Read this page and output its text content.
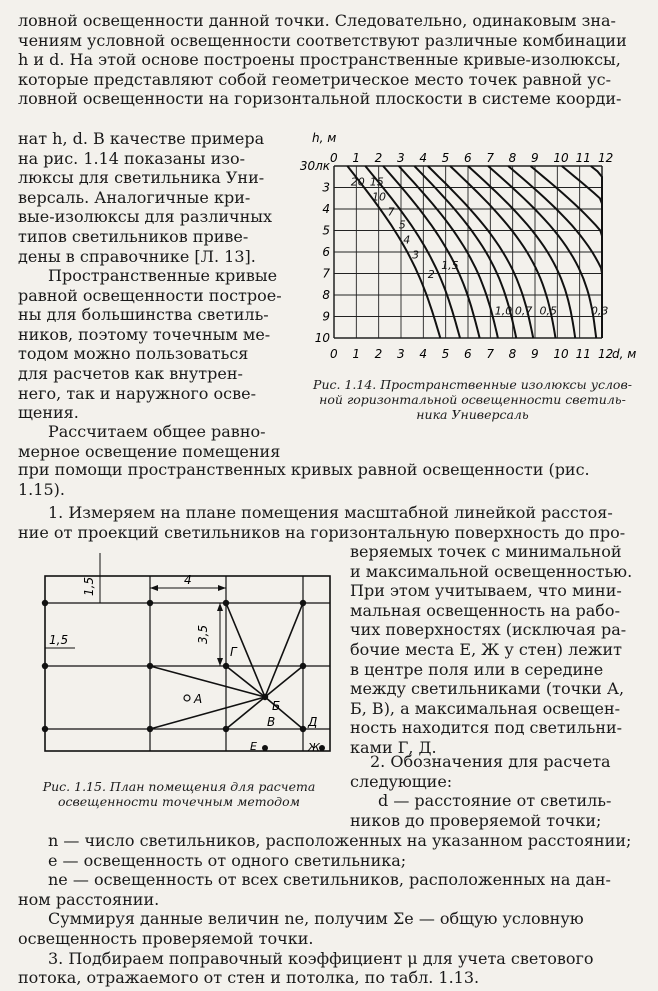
ловной освещенности данной точки. Следовательно, одинаковым зна-
чениям условной освещенности соответствуют различные комбинации
h и d. На этой основе построены пространственные кривые-изолюксы,
которые представляют собой геометрическое место точек равной ус-
ловной освещенности на горизонтальной плоскости в системе коорди-
нат h, d. В качестве примера
на рис. 1.14 показаны изо-
люксы для светильника Уни-
версаль. Аналогичные кри-
вые-изолюксы для различных
типов светильников приве-
дены в справочнике [Л. 13].
Пространственные кривые
равной освещенности построе-
ны для большинства светиль-
ников, поэтому точечным ме-
тодом можно пользоваться
для расчетов как внутрен-
него, так и наружного осве-
щения.
Рассчитаем общее равно-
мерное освещение помещения
при помощи пространственных кривых равной освещенности (рис.
1.15).
1. Измеряем на плане помещения масштабной линейкой расстоя-
ние от проекций светильников на горизонтальную поверхность до про-
веряемых точек с минимальной
и максимальной освещенностью.
При этом учитываем, что мини-
мальная освещенность на рабо-
чих поверхностях (исключая ра-
бочие места Е, Ж у стен) лежит
в центре поля или в середине
между светильниками (точки А,
Б, В), а максимальная освещен-
ность находится под светильни-
ками Г, Д.
2. Обозначения для расчета
следующие:
d — расстояние от светиль-
ников до проверяемой точки;
n — число светильников, расположенных на указанном расстоянии;
e — освещенность от одного светильника;
ne — освещенность от всех светильников, расположенных на дан-
ном расстоянии.
Суммируя данные величин ne, получим Σe — общую условную
освещенность проверяемой точки.
3. Подбираем поправочный коэффициент μ для учета светового
потока, отражаемого от стен и потолка, по табл. 1.13.
h, м
0 1 2 3 4 5 6 7 8 9 10 11 12
30лк
3
4
5
6
7
8
9
10
20 15
10
7
5
4
3
2
1,5
1,0 0,7 0,5	0,3
0 1 2 3 4 5 6 7 8 9 10 11 12
d, м
Рис. 1.14. Пространственные изолюксы услов-
ной горизонтальной освещенности светиль-
ника Универсаль
4
3,5
1,5
1,5
А	Б
В
Г
Д
Е	Ж
Рис. 1.15. План помещения для расчета
освещенности точечным методом
